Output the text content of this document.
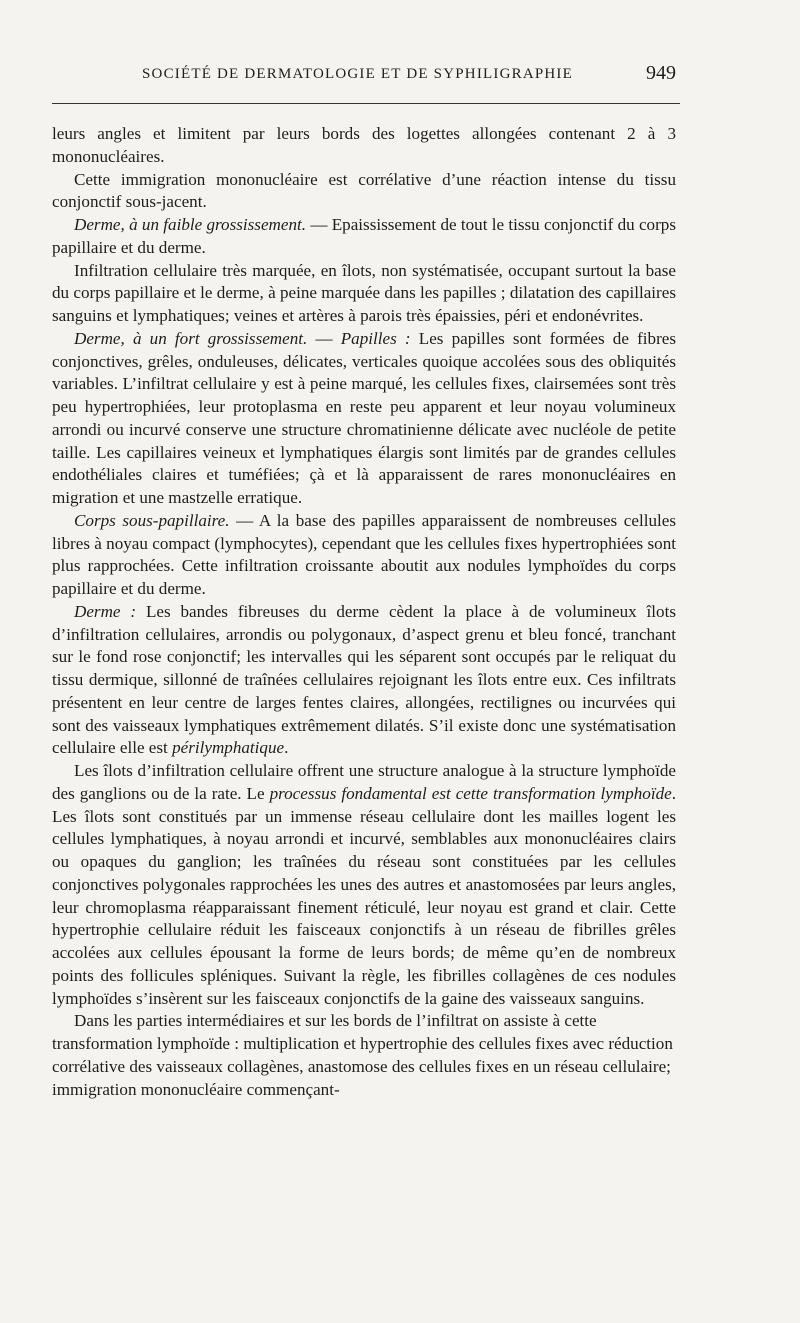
SOCIÉTÉ DE DERMATOLOGIE ET DE SYPHILIGRAPHIE	949

leurs angles et limitent par leurs bords des logettes allongées contenant 2 à 3 mononucléaires.

Cette immigration mononucléaire est corrélative d’une réaction intense du tissu conjonctif sous-jacent.

Derme, à un faible grossissement. — Epaississement de tout le tissu conjonctif du corps papillaire et du derme.

Infiltration cellulaire très marquée, en îlots, non systématisée, occupant surtout la base du corps papillaire et le derme, à peine marquée dans les papilles ; dilatation des capillaires sanguins et lymphatiques; veines et artères à parois très épaissies, péri et endonévrites.

Derme, à un fort grossissement. — Papilles : Les papilles sont formées de fibres conjonctives, grêles, onduleuses, délicates, verticales quoique accolées sous des obliquités variables. L’infiltrat cellulaire y est à peine marqué, les cellules fixes, clairsemées sont très peu hypertrophiées, leur protoplasma en reste peu apparent et leur noyau volumineux arrondi ou incurvé conserve une structure chromatinienne délicate avec nucléole de petite taille. Les capillaires veineux et lymphatiques élargis sont limités par de grandes cellules endothéliales claires et tuméfiées; çà et là apparaissent de rares mononucléaires en migration et une mastzelle erratique.

Corps sous-papillaire. — A la base des papilles apparaissent de nombreuses cellules libres à noyau compact (lymphocytes), cependant que les cellules fixes hypertrophiées sont plus rapprochées. Cette infiltration croissante aboutit aux nodules lymphoïdes du corps papillaire et du derme.

Derme : Les bandes fibreuses du derme cèdent la place à de volumineux îlots d’infiltration cellulaires, arrondis ou polygonaux, d’aspect grenu et bleu foncé, tranchant sur le fond rose conjonctif; les intervalles qui les séparent sont occupés par le reliquat du tissu dermique, sillonné de traînées cellulaires rejoignant les îlots entre eux. Ces infiltrats présentent en leur centre de larges fentes claires, allongées, rectilignes ou incurvées qui sont des vaisseaux lymphatiques extrêmement dilatés. S’il existe donc une systématisation cellulaire elle est périlymphatique.

Les îlots d’infiltration cellulaire offrent une structure analogue à la structure lymphoïde des ganglions ou de la rate. Le processus fondamental est cette transformation lymphoïde. Les îlots sont constitués par un immense réseau cellulaire dont les mailles logent les cellules lymphatiques, à noyau arrondi et incurvé, semblables aux mononucléaires clairs ou opaques du ganglion; les traînées du réseau sont constituées par les cellules conjonctives polygonales rapprochées les unes des autres et anastomosées par leurs angles, leur chromoplasma réapparaissant finement réticulé, leur noyau est grand et clair. Cette hypertrophie cellulaire réduit les faisceaux conjonctifs à un réseau de fibrilles grêles accolées aux cellules épousant la forme de leurs bords; de même qu’en de nombreux points des follicules spléniques. Suivant la règle, les fibrilles collagènes de ces nodules lymphoïdes s’insèrent sur les faisceaux conjonctifs de la gaine des vaisseaux sanguins.

Dans les parties intermédiaires et sur les bords de l’infiltrat on assiste à cette transformation lymphoïde : multiplication et hypertrophie des cellules fixes avec réduction corrélative des vaisseaux collagènes, anastomose des cellules fixes en un réseau cellulaire; immigration mononucléaire commençant-
